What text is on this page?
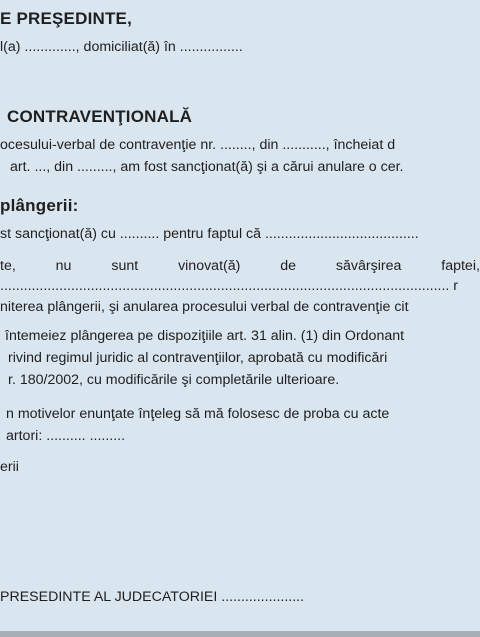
E PREŞEDINTE,
l(a) ............., domiciliat(ă) în ................
CONTRAVENŢIONALĂ
ocesului-verbal de contravenţie nr. ........, din ..........., încheiat d
art. ..., din ........., am fost sancţionat(ă) şi a cărui anulare o cer.
plângerii:
st sancţionat(ă) cu .......... pentru faptul că .......................................
te,	nu	sunt	vinovat(ă)	de	săvârşirea	faptei,
.................................................................................................................. r
niterea plângerii, şi anularea procesului verbal de contravenţie cit
întemeiez plângerea pe dispoziţiile art. 31 alin. (1) din Ordonant
rivind regimul juridic al contravenţiilor, aprobată cu modificări
r. 180/2002, cu modificările şi completările ulterioare.
n motivelor enunţate înţeleg să mă folosesc de proba cu acte
artori: .......... .........
erii
PRESEDINTE AL JUDECATORIEI .....................
